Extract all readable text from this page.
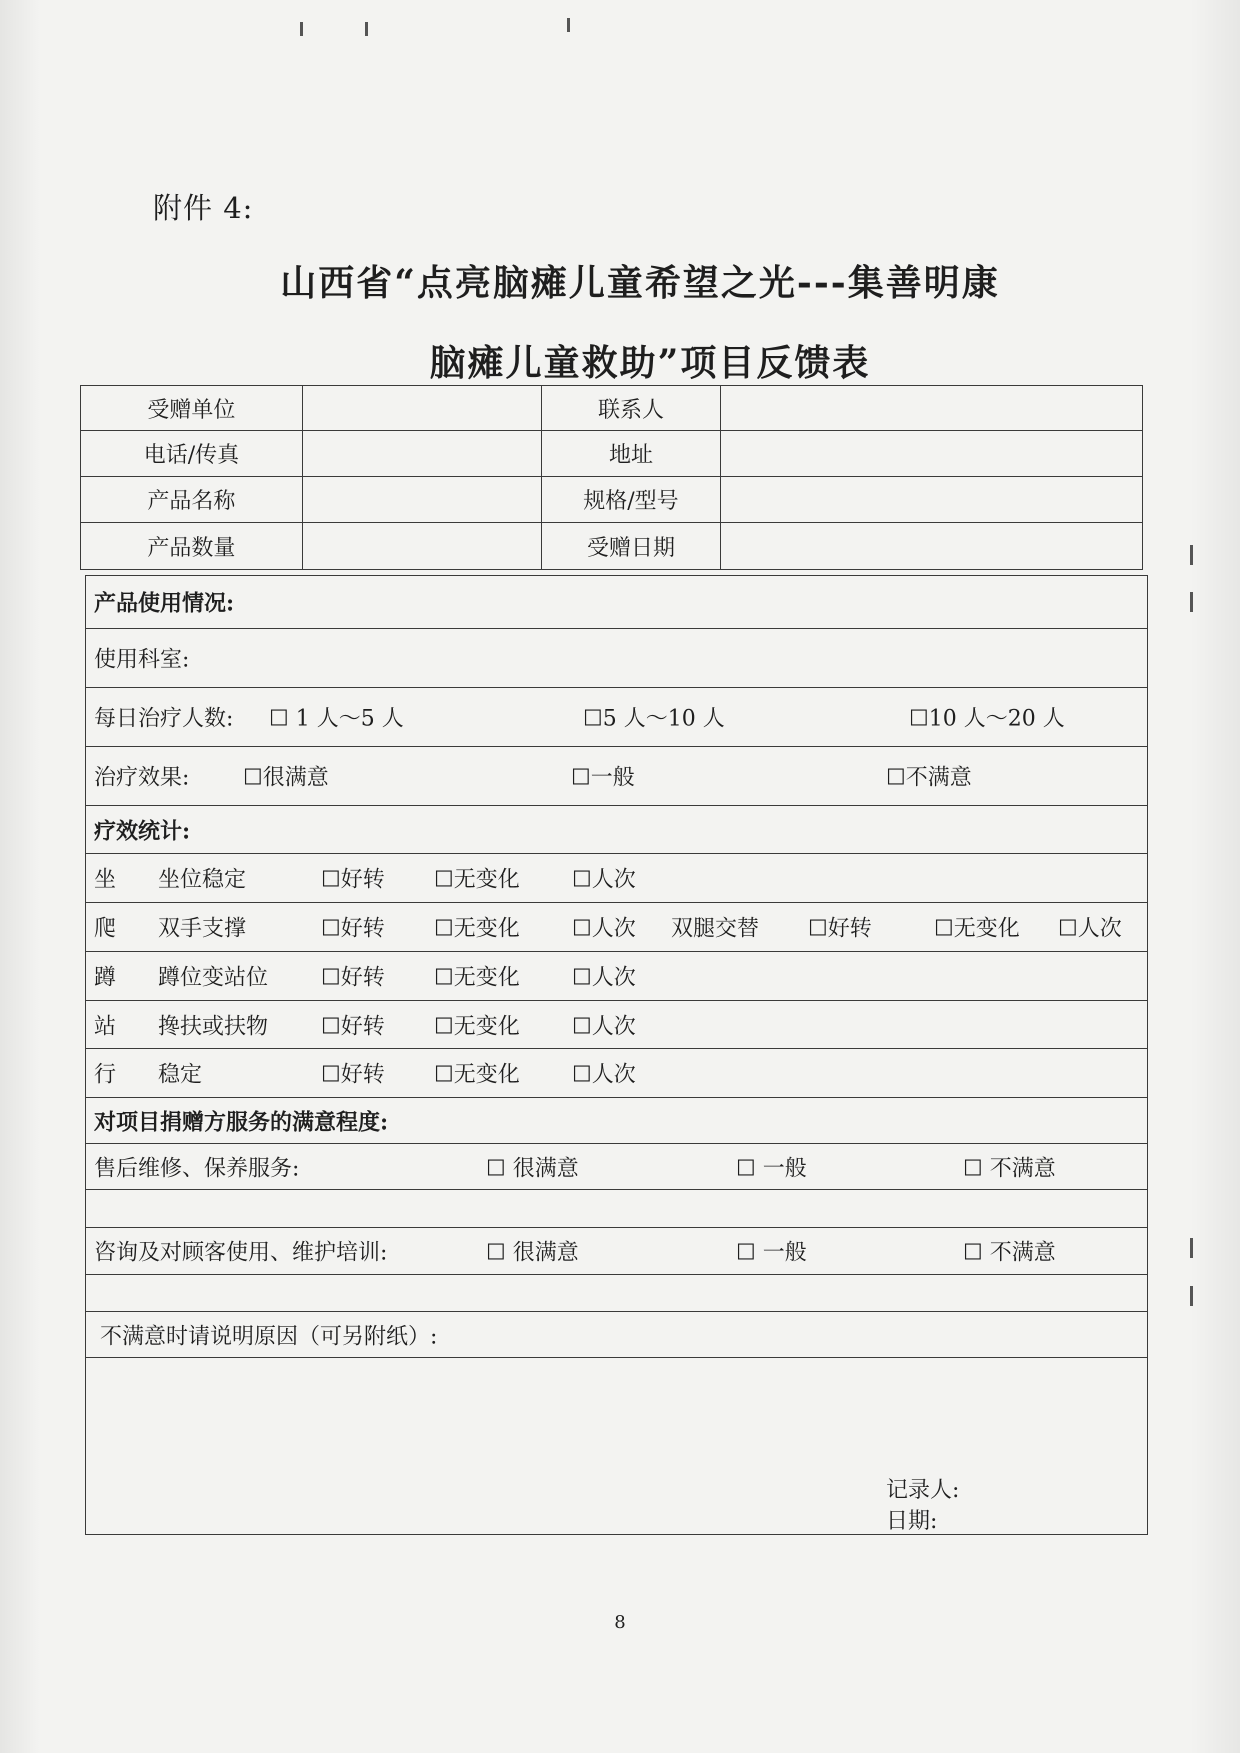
附件 4:
山西省“点亮脑瘫儿童希望之光---集善明康
脑瘫儿童救助”项目反馈表
受赠单位		联系人	
电话/传真		地址	
产品名称		规格/型号	
产品数量		受赠日期	
产品使用情况:
使用科室:
每日治疗人数: ☐ 1 人～5 人	☐5 人～10 人	☐10 人～20 人
治疗效果: ☐很满意	☐一般	☐不满意
疗效统计:
坐 坐位稳定	☐好转 ☐无变化 ☐人次
爬 双手支撑	☐好转 ☐无变化 ☐人次 双腿交替 ☐好转	☐无变化 ☐人次
蹲 蹲位变站位 ☐好转 ☐无变化 ☐人次
站 搀扶或扶物 ☐好转 ☐无变化 ☐人次
行 稳定	☐好转 ☐无变化 ☐人次
对项目捐赠方服务的满意程度:
售后维修、保养服务:	☐ 很满意	☐ 一般	☐ 不满意
咨询及对顾客使用、维护培训:	☐ 很满意	☐ 一般	☐ 不满意
不满意时请说明原因（可另附纸）:
记录人:
日期:
8
